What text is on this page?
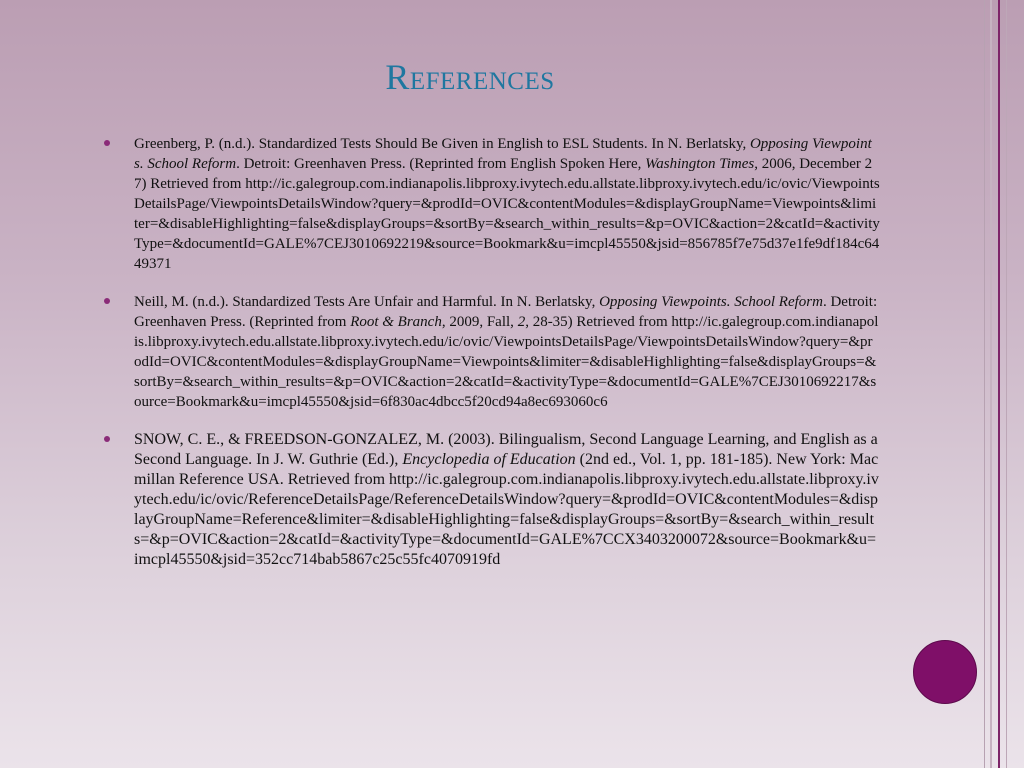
References
Greenberg, P. (n.d.). Standardized Tests Should Be Given in English to ESL Students. In N. Berlatsky, Opposing Viewpoints. School Reform. Detroit: Greenhaven Press. (Reprinted from English Spoken Here, Washington Times, 2006, December 27) Retrieved from http://ic.galegroup.com.indianapolis.libproxy.ivytech.edu.allstate.libproxy.ivytech.edu/ic/ovic/ViewpointsDetailsPage/ViewpointsDetailsWindow?query=&prodId=OVIC&contentModules=&displayGroupName=Viewpoints&limiter=&disableHighlighting=false&displayGroups=&sortBy=&search_within_results=&p=OVIC&action=2&catId=&activityType=&documentId=GALE%7CEJ3010692219&source=Bookmark&u=imcpl45550&jsid=856785f7e75d37e1fe9df184c6449371
Neill, M. (n.d.). Standardized Tests Are Unfair and Harmful. In N. Berlatsky, Opposing Viewpoints. School Reform. Detroit: Greenhaven Press. (Reprinted from Root & Branch, 2009, Fall, 2, 28-35) Retrieved from http://ic.galegroup.com.indianapolis.libproxy.ivytech.edu.allstate.libproxy.ivytech.edu/ic/ovic/ViewpointsDetailsPage/ViewpointsDetailsWindow?query=&prodId=OVIC&contentModules=&displayGroupName=Viewpoints&limiter=&disableHighlighting=false&displayGroups=&sortBy=&search_within_results=&p=OVIC&action=2&catId=&activityType=&documentId=GALE%7CEJ3010692217&source=Bookmark&u=imcpl45550&jsid=6f830ac4dbcc5f20cd94a8ec693060c6
SNOW, C. E., & FREEDSON-GONZALEZ, M. (2003). Bilingualism, Second Language Learning, and English as a Second Language. In J. W. Guthrie (Ed.), Encyclopedia of Education (2nd ed., Vol. 1, pp. 181-185). New York: Macmillan Reference USA. Retrieved from http://ic.galegroup.com.indianapolis.libproxy.ivytech.edu.allstate.libproxy.ivytech.edu/ic/ovic/ReferenceDetailsPage/ReferenceDetailsWindow?query=&prodId=OVIC&contentModules=&displayGroupName=Reference&limiter=&disableHighlighting=false&displayGroups=&sortBy=&search_within_results=&p=OVIC&action=2&catId=&activityType=&documentId=GALE%7CCX3403200072&source=Bookmark&u=imcpl45550&jsid=352cc714bab5867c25c55fc4070919fd
